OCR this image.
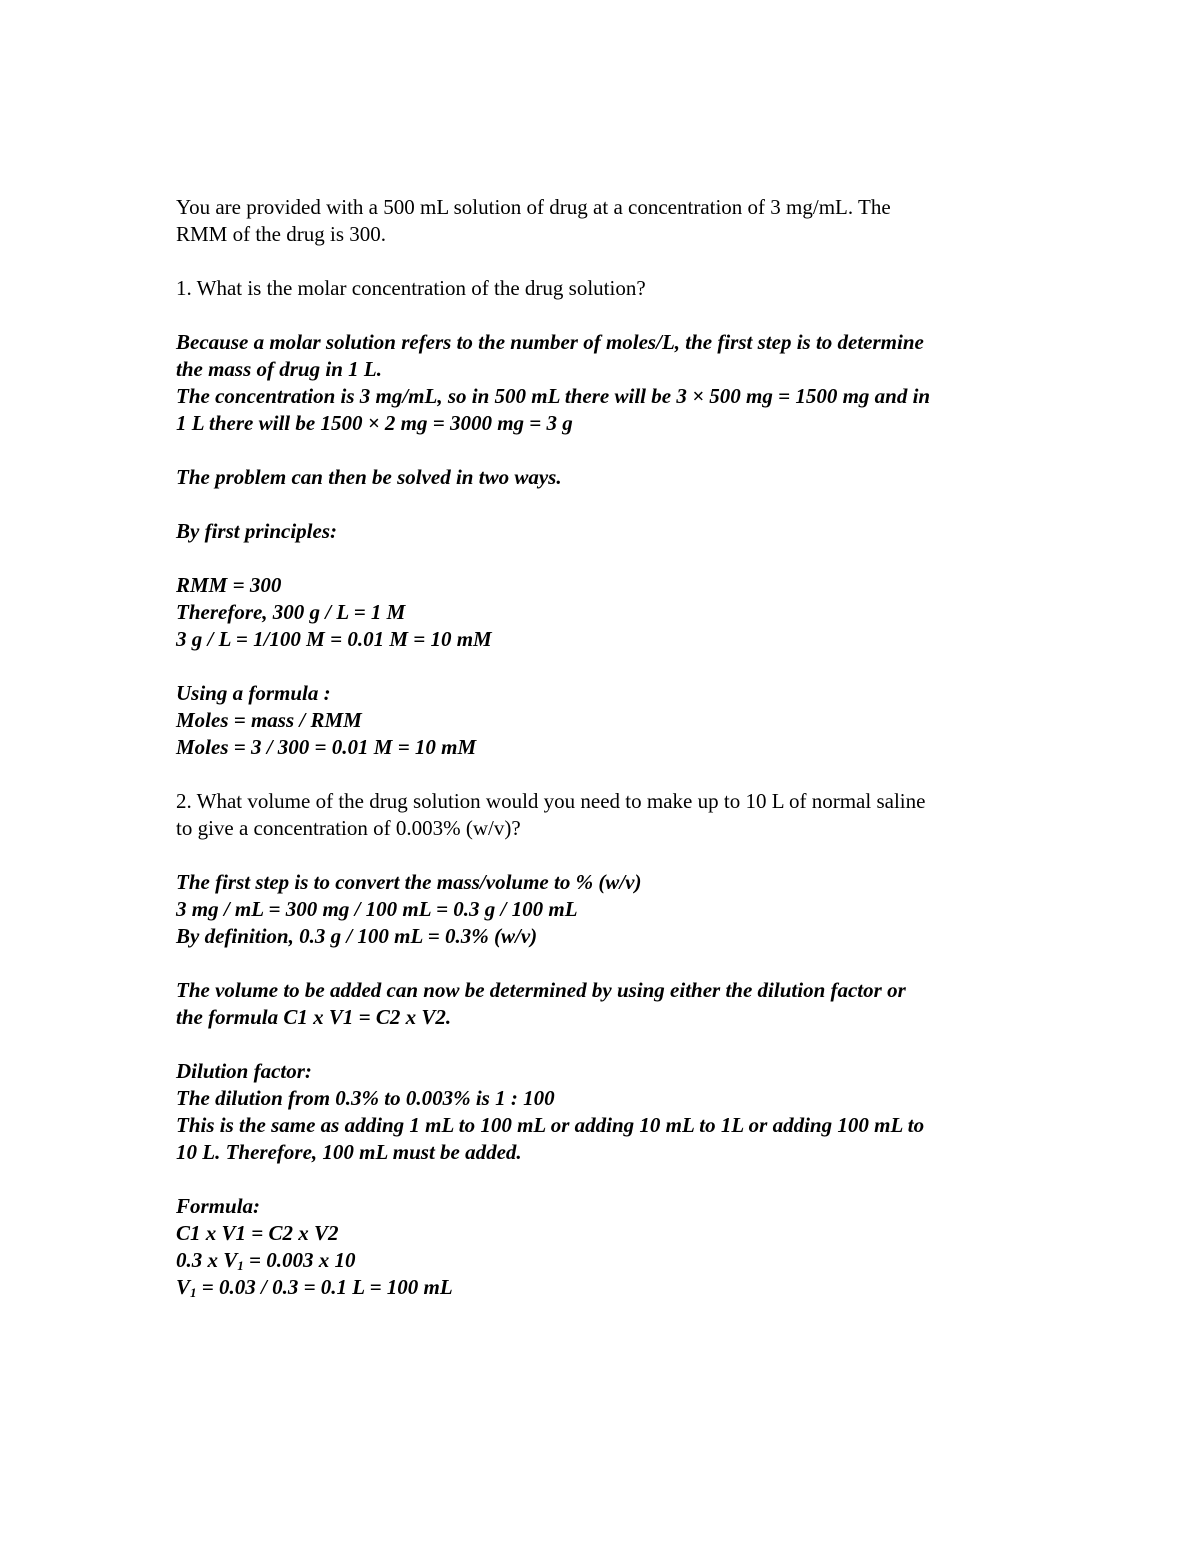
You are provided with a 500 mL solution of drug at a concentration of 3 mg/mL. The
RMM of the drug is 300.
1. What is the molar concentration of the drug solution?
Because a molar solution refers to the number of moles/L, the first step is to determine
the mass of drug in 1 L.
The concentration is 3 mg/mL, so in 500 mL there will be 3 × 500 mg = 1500 mg and in
1 L there will be 1500 × 2 mg = 3000 mg = 3 g
The problem can then be solved in two ways.
By first principles:
RMM = 300
Therefore, 300 g / L = 1 M
3 g / L = 1/100 M = 0.01 M = 10 mM
Using a formula :
Moles = mass / RMM
Moles = 3 / 300 = 0.01 M = 10 mM
2. What volume of the drug solution would you need to make up to 10 L of normal saline
to give a concentration of 0.003% (w/v)?
The first step is to convert the mass/volume to % (w/v)
3 mg / mL = 300 mg / 100 mL = 0.3 g / 100 mL
By definition, 0.3 g / 100 mL = 0.3% (w/v)
The volume to be added can now be determined by using either the dilution factor or
the formula C1 x V1 = C2 x V2.
Dilution factor:
The dilution from 0.3% to 0.003% is 1 : 100
This is the same as adding 1 mL to 100 mL or adding 10 mL to 1L or adding 100 mL to
10 L. Therefore, 100 mL must be added.
Formula:
C1 x V1 = C2 x V2
0.3 x $V_1 = 0.003$ x 10
$V_1 = 0.03 / 0.3 = 0.1$ L = 100 mL
